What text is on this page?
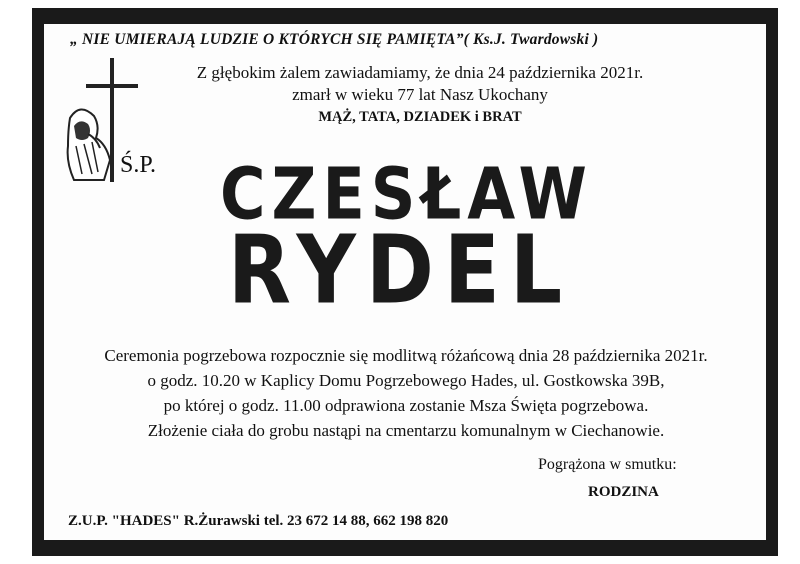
„ NIE UMIERAJĄ LUDZIE O KTÓRYCH SIĘ PAMIĘTA”( Ks.J. Twardowski )
Z głębokim żalem zawiadamiamy, że dnia 24 października 2021r.
zmarł w wieku 77 lat Nasz Ukochany
MĄŻ, TATA, DZIADEK i BRAT
Ś.P. CZESŁAW
RYDEL
Ceremonia pogrzebowa rozpocznie się modlitwą różańcową dnia 28 października 2021r.
o godz. 10.20 w Kaplicy Domu Pogrzebowego Hades, ul. Gostkowska 39B,
po której o godz. 11.00 odprawiona zostanie Msza Święta pogrzebowa.
Złożenie ciała do grobu nastąpi na cmentarzu komunalnym w Ciechanowie.
Pogrążona w smutku:
RODZINA
Z.U.P. "HADES" R.Żurawski tel. 23 672 14 88, 662 198 820
